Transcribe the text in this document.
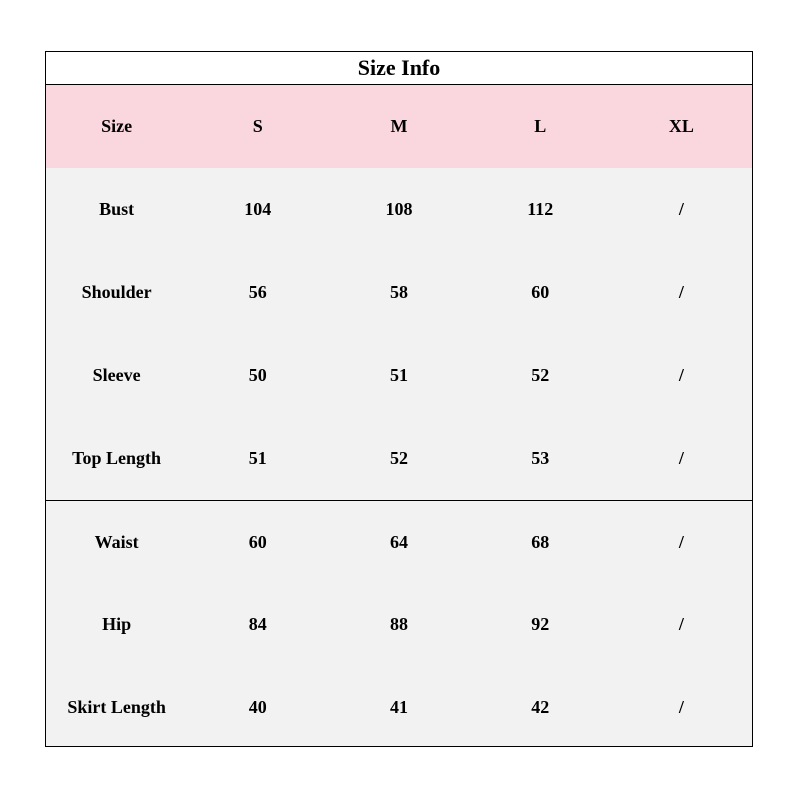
Size Info
Size	S	M	L	XL
Bust	104	108	112	/
Shoulder	56	58	60	/
Sleeve	50	51	52	/
Top Length	51	52	53	/
Waist	60	64	68	/
Hip	84	88	92	/
Skirt Length	40	41	42	/
